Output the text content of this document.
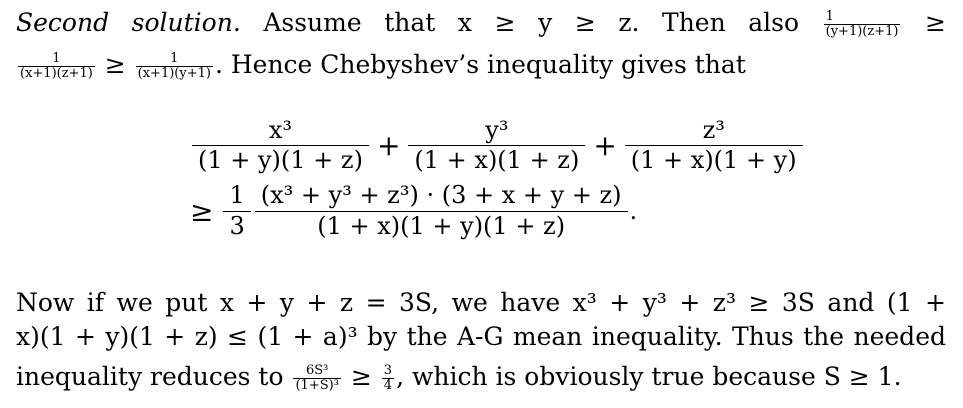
Second solution. Assume that x ≥ y ≥ z. Then also $\frac{1}{(y+1)(z+1)}$ ≥
$\frac{1}{(x+1)(z+1)} \ge \frac{1}{(x+1)(y+1)}$ . Hence Chebyshev’s inequality gives that
$\frac{\text{x³}}{(1 + y)(1 + z)} + \frac{\text{y³}}{(1 + x)(1 + z)} + \frac{\text{z³}}{(1 + x)(1 + y)}$
≥ $\frac{1}{3} \frac{\text{(x³ + y³ + z³) · (3 + x + y + z)}}{(1 + x)(1 + y)(1 + z)}$ .
Now if we put x + y + z = 3S, we have x³ + y³ + z³ ≥ 3S and (1 +
x)(1 + y)(1 + z) ≤ (1 + a)³ by the A-G mean inequality. Thus the needed
inequality reduces to $\frac{\text{6S³}}{\text{(1+S)³}} \ge \frac{3}{4}$ , which is obviously true because S ≥ 1.
